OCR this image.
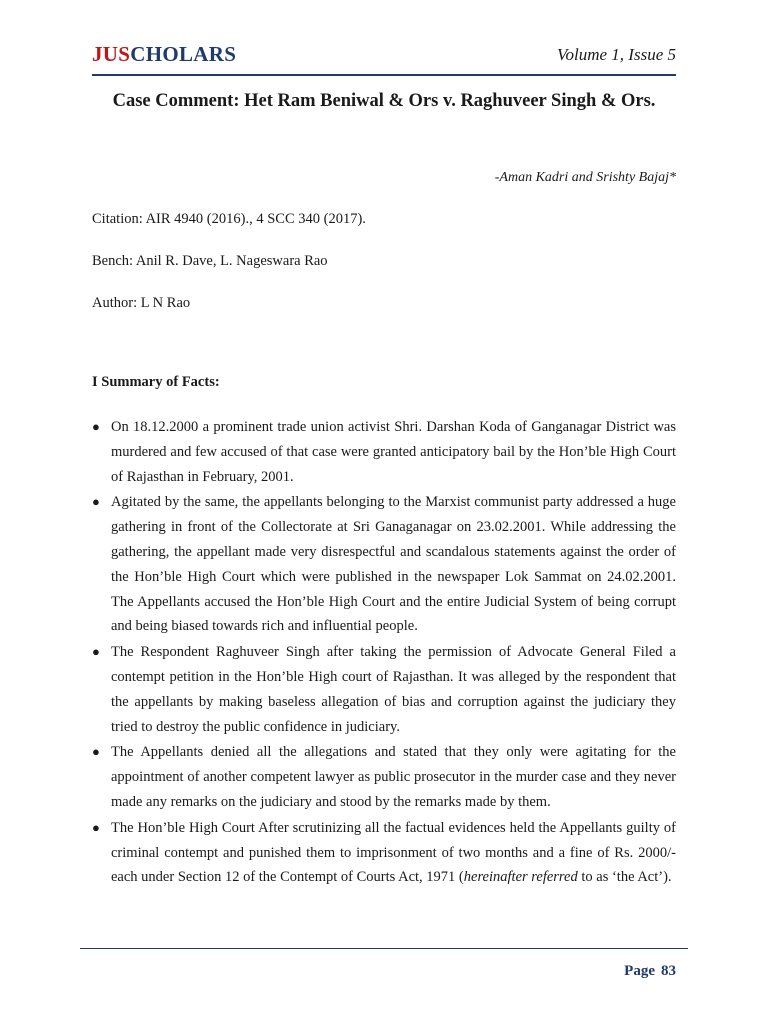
JUSCHOLARS	Volume 1, Issue 5
Case Comment: Het Ram Beniwal & Ors v. Raghuveer Singh & Ors.
-Aman Kadri and Srishty Bajaj*
Citation: AIR 4940 (2016)., 4 SCC 340 (2017).
Bench: Anil R. Dave, L. Nageswara Rao
Author: L N Rao
I Summary of Facts:
● On 18.12.2000 a prominent trade union activist Shri. Darshan Koda of Ganganagar District was murdered and few accused of that case were granted anticipatory bail by the Hon’ble High Court of Rajasthan in February, 2001.
● Agitated by the same, the appellants belonging to the Marxist communist party addressed a huge gathering in front of the Collectorate at Sri Ganaganagar on 23.02.2001. While addressing the gathering, the appellant made very disrespectful and scandalous statements against the order of the Hon’ble High Court which were published in the newspaper Lok Sammat on 24.02.2001. The Appellants accused the Hon’ble High Court and the entire Judicial System of being corrupt and being biased towards rich and influential people.
● The Respondent Raghuveer Singh after taking the permission of Advocate General Filed a contempt petition in the Hon’ble High court of Rajasthan. It was alleged by the respondent that the appellants by making baseless allegation of bias and corruption against the judiciary they tried to destroy the public confidence in judiciary.
● The Appellants denied all the allegations and stated that they only were agitating for the appointment of another competent lawyer as public prosecutor in the murder case and they never made any remarks on the judiciary and stood by the remarks made by them.
● The Hon’ble High Court After scrutinizing all the factual evidences held the Appellants guilty of criminal contempt and punished them to imprisonment of two months and a fine of Rs. 2000/- each under Section 12 of the Contempt of Courts Act, 1971 (hereinafter referred to as ‘the Act’).
Page 83
